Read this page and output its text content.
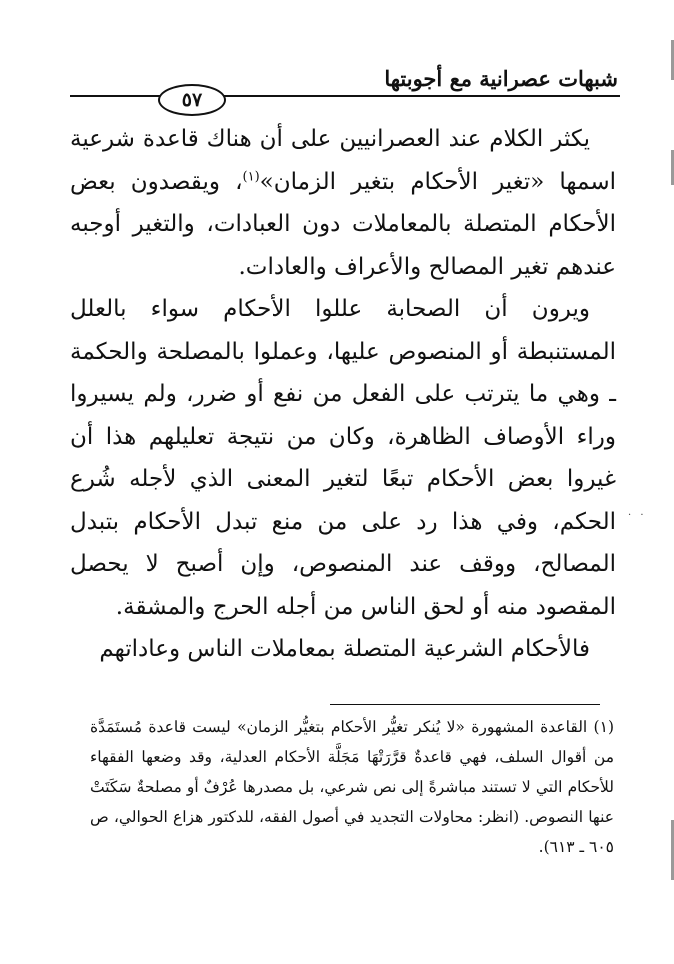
شبهات عصرانية مع أجوبتها
٥٧

يكثر الكلام عند العصرانيين على أن هناك قاعدة شرعية اسمها «تغير الأحكام بتغير الزمان»$^{(١)}$، ويقصدون بعض الأحكام المتصلة بالمعاملات دون العبادات، والتغير أوجبه عندهم تغير المصالح والأعراف والعادات.

ويرون أن الصحابة عللوا الأحكام سواء بالعلل المستنبطة أو المنصوص عليها، وعملوا بالمصلحة والحكمة ـ وهي ما يترتب على الفعل من نفع أو ضرر، ولم يسيروا وراء الأوصاف الظاهرة، وكان من نتيجة تعليلهم هذا أن غيروا بعض الأحكام تبعًا لتغير المعنى الذي لأجله شُرع الحكم، وفي هذا رد على من منع تبدل الأحكام بتبدل المصالح، ووقف عند المنصوص، وإن أصبح لا يحصل المقصود منه أو لحق الناس من أجله الحرج والمشقة.

فالأحكام الشرعية المتصلة بمعاملات الناس وعاداتهم

(١) القاعدة المشهورة «لا يُنكر تغيُّر الأحكام بتغيُّر الزمان» ليست قاعدة مُستَمَدَّة من أقوال السلف، فهي قاعدةٌ قرَّرَتْهَا مَجَلَّة الأحكام العدلية، وقد وضعها الفقهاء للأحكام التي لا تستند مباشرةً إلى نص شرعي، بل مصدرها عُرْفٌ أو مصلحةٌ سَكَتَتْ عنها النصوص. (انظر: محاولات التجديد في أصول الفقه، للدكتور هزاع الحوالي، ص ٦٠٥ ـ ٦١٣).

· ·
